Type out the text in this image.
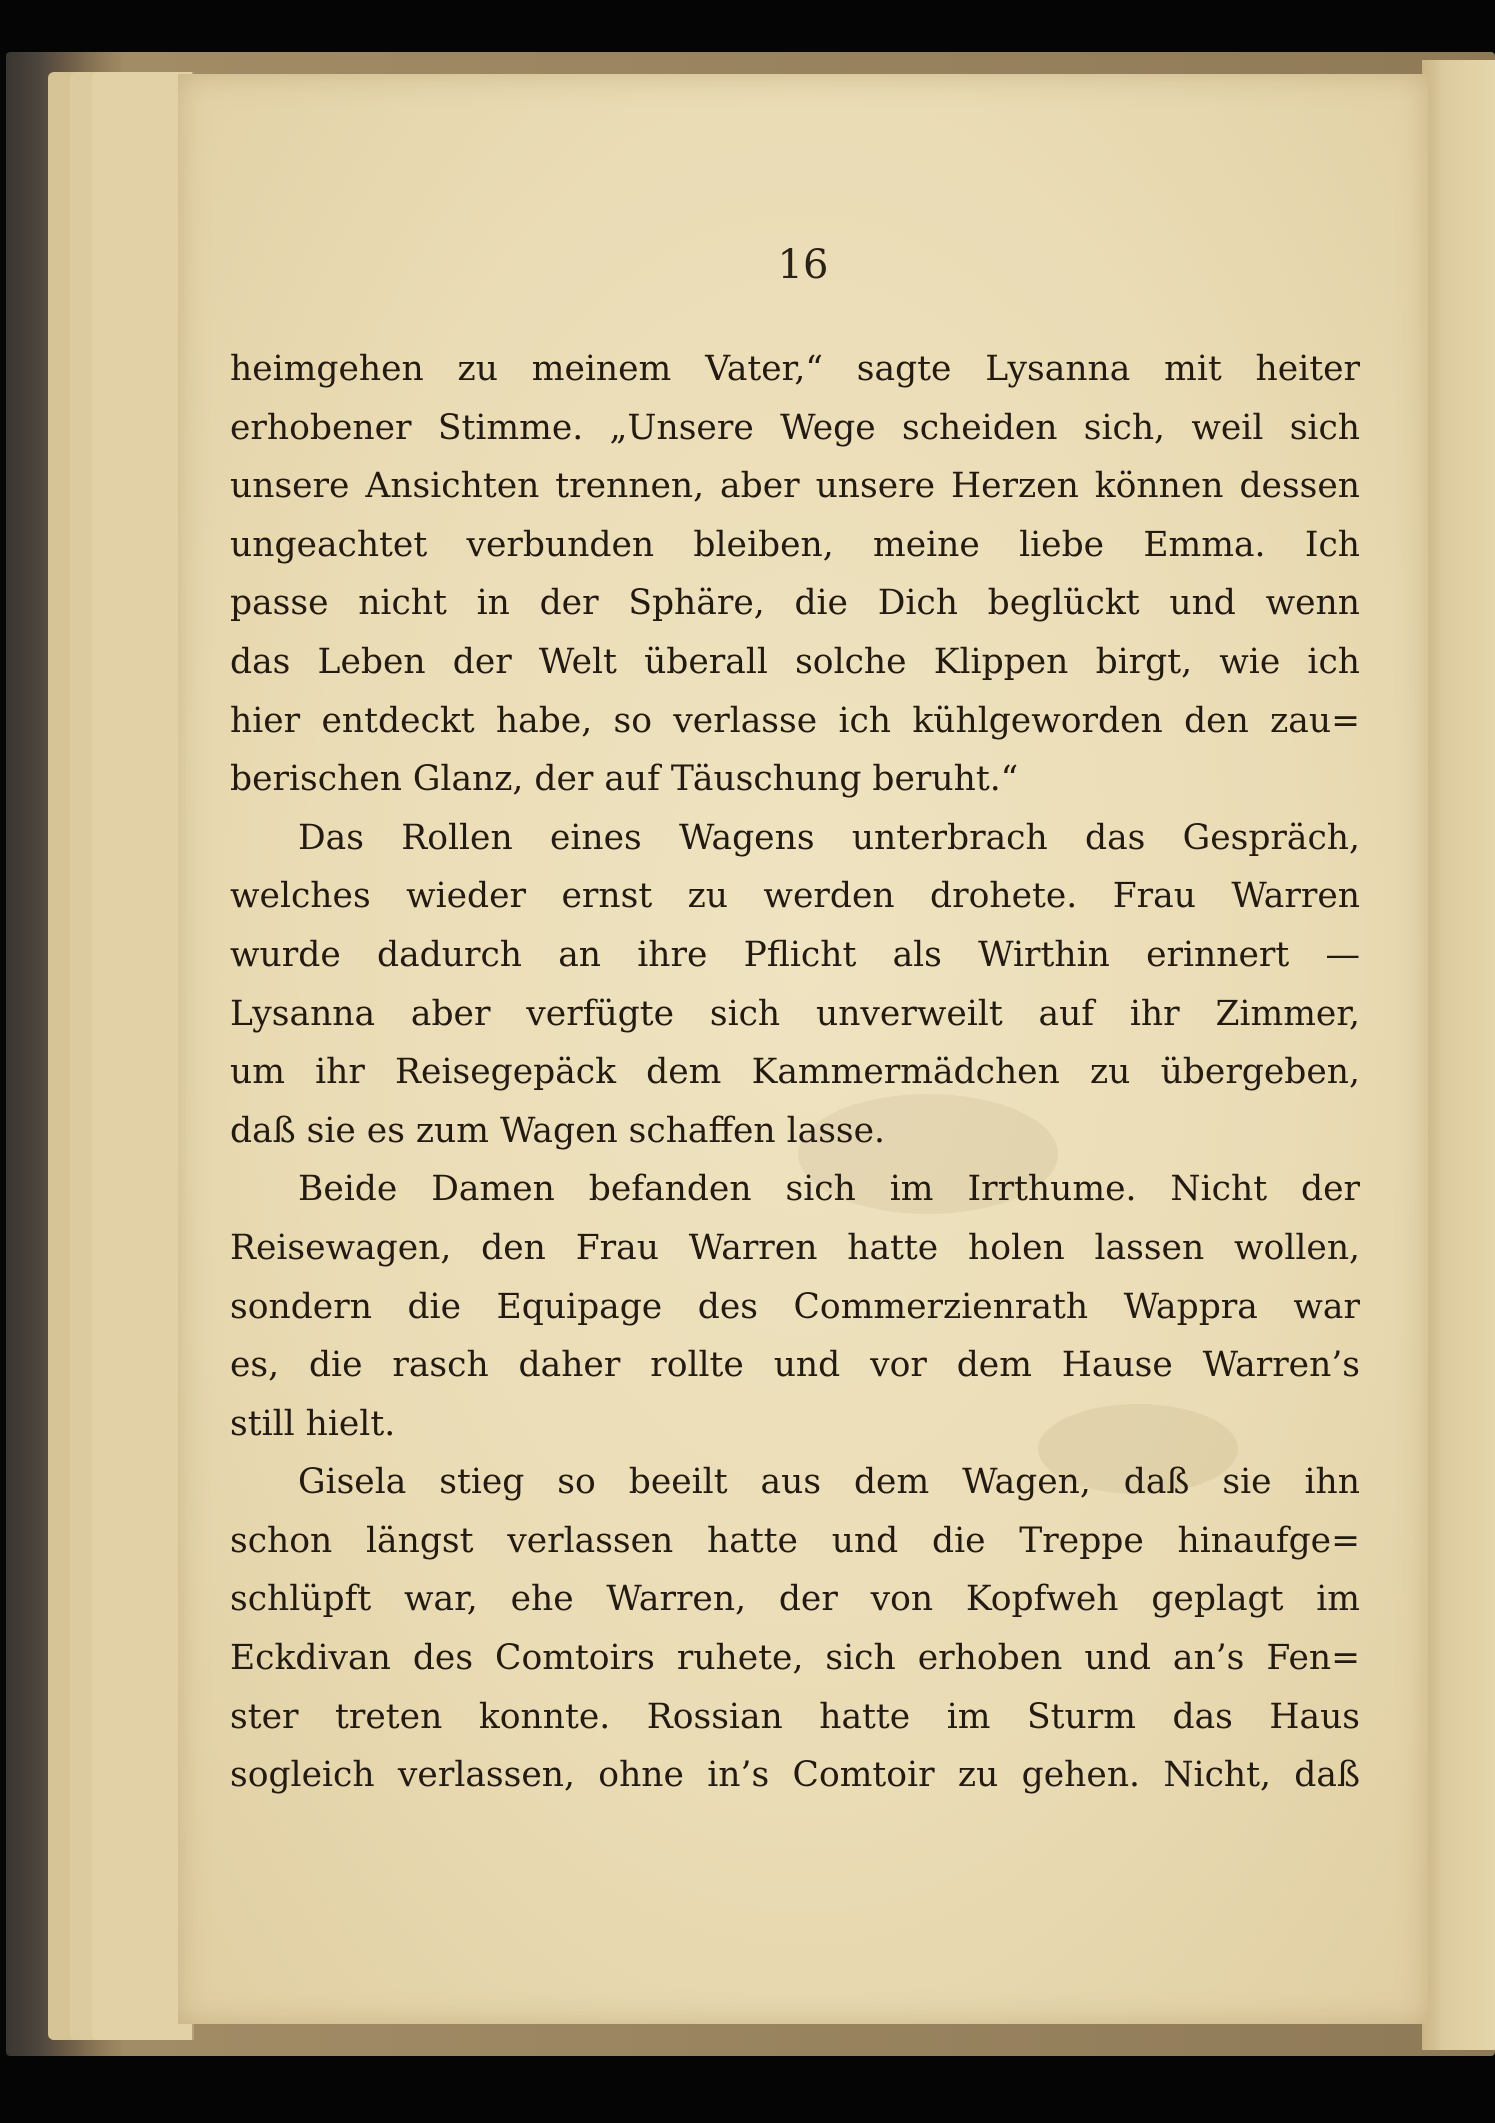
16
heimgehen zu meinem Vater,“ sagte Lysanna mit heiter
erhobener Stimme. „Unsere Wege scheiden sich, weil sich
unsere Ansichten trennen, aber unsere Herzen können dessen
ungeachtet verbunden bleiben, meine liebe Emma. Ich
passe nicht in der Sphäre, die Dich beglückt und wenn
das Leben der Welt überall solche Klippen birgt, wie ich
hier entdeckt habe, so verlasse ich kühlgeworden den zau=
berischen Glanz, der auf Täuschung beruht.“
Das Rollen eines Wagens unterbrach das Gespräch,
welches wieder ernst zu werden drohete. Frau Warren
wurde dadurch an ihre Pflicht als Wirthin erinnert —
Lysanna aber verfügte sich unverweilt auf ihr Zimmer,
um ihr Reisegepäck dem Kammermädchen zu übergeben,
daß sie es zum Wagen schaffen lasse.
Beide Damen befanden sich im Irrthume. Nicht der
Reisewagen, den Frau Warren hatte holen lassen wollen,
sondern die Equipage des Commerzienrath Wappra war
es, die rasch daher rollte und vor dem Hause Warren’s
still hielt.
Gisela stieg so beeilt aus dem Wagen, daß sie ihn
schon längst verlassen hatte und die Treppe hinaufge=
schlüpft war, ehe Warren, der von Kopfweh geplagt im
Eckdivan des Comtoirs ruhete, sich erhoben und an’s Fen=
ster treten konnte. Rossian hatte im Sturm das Haus
sogleich verlassen, ohne in’s Comtoir zu gehen. Nicht, daß
